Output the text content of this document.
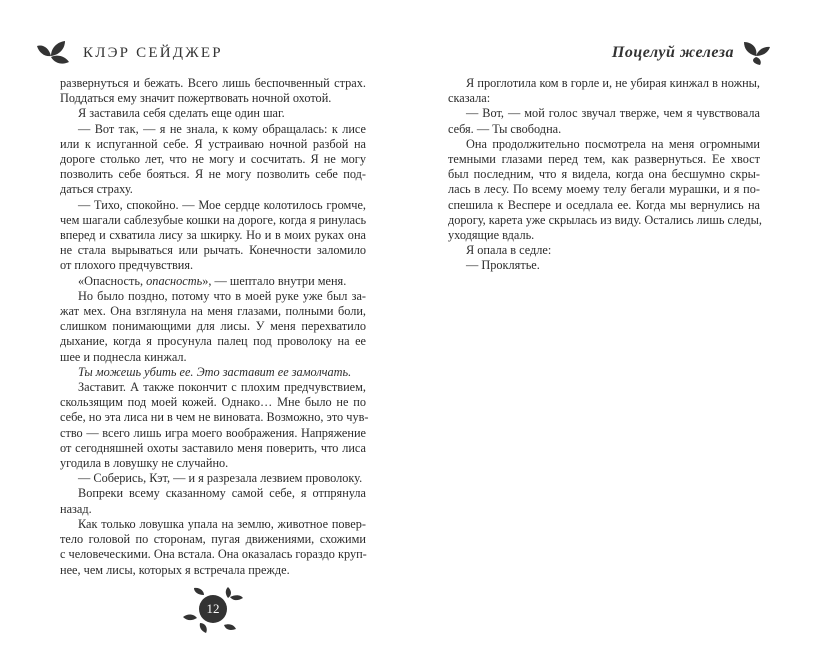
КЛЭР СЕЙДЖЕР	Поцелуй железа
развернуться и бежать. Всего лишь беспочвенный страх.
Поддаться ему значит пожертвовать ночной охотой.
Я заставила себя сделать еще один шаг.
— Вот так, — я не знала, к кому обращалась: к лисе
или к испуганной себе. Я устраиваю ночной разбой на
дороге столько лет, что не могу и сосчитать. Я не могу
позволить себе бояться. Я не могу позволить себе под-
даться страху.
— Тихо, спокойно. — Мое сердце колотилось громче,
чем шагали саблезубые кошки на дороге, когда я ринулась
вперед и схватила лису за шкирку. Но и в моих руках она
не стала вырываться или рычать. Конечности заломило
от плохого предчувствия.
«Опасность, опасность», — шептало внутри меня.
Но было поздно, потому что в моей руке уже был за-
жат мех. Она взглянула на меня глазами, полными боли,
слишком понимающими для лисы. У меня перехватило
дыхание, когда я просунула палец под проволоку на ее
шее и поднесла кинжал.
Ты можешь убить ее. Это заставит ее замолчать.
Заставит. А также покончит с плохим предчувствием,
скользящим под моей кожей. Однако… Мне было не по
себе, но эта лиса ни в чем не виновата. Возможно, это чув-
ство — всего лишь игра моего воображения. Напряжение
от сегодняшней охоты заставило меня поверить, что лиса
угодила в ловушку не случайно.
— Соберись, Кэт, — и я разрезала лезвием проволоку.
Вопреки всему сказанному самой себе, я отпрянула
назад.
Как только ловушка упала на землю, животное повер-
тело головой по сторонам, пугая движениями, схожими
с человеческими. Она встала. Она оказалась гораздо круп-
нее, чем лисы, которых я встречала прежде.
Я проглотила ком в горле и, не убирая кинжал в ножны,
сказала:
— Вот, — мой голос звучал тверже, чем я чувствовала
себя. — Ты свободна.
Она продолжительно посмотрела на меня огромными
темными глазами перед тем, как развернуться. Ее хвост
был последним, что я видела, когда она бесшумно скры-
лась в лесу. По всему моему телу бегали мурашки, и я по-
спешила к Веспере и оседлала ее. Когда мы вернулись на
дорогу, карета уже скрылась из виду. Остались лишь следы,
уходящие вдаль.
Я опала в седле:
— Проклятье.
12
